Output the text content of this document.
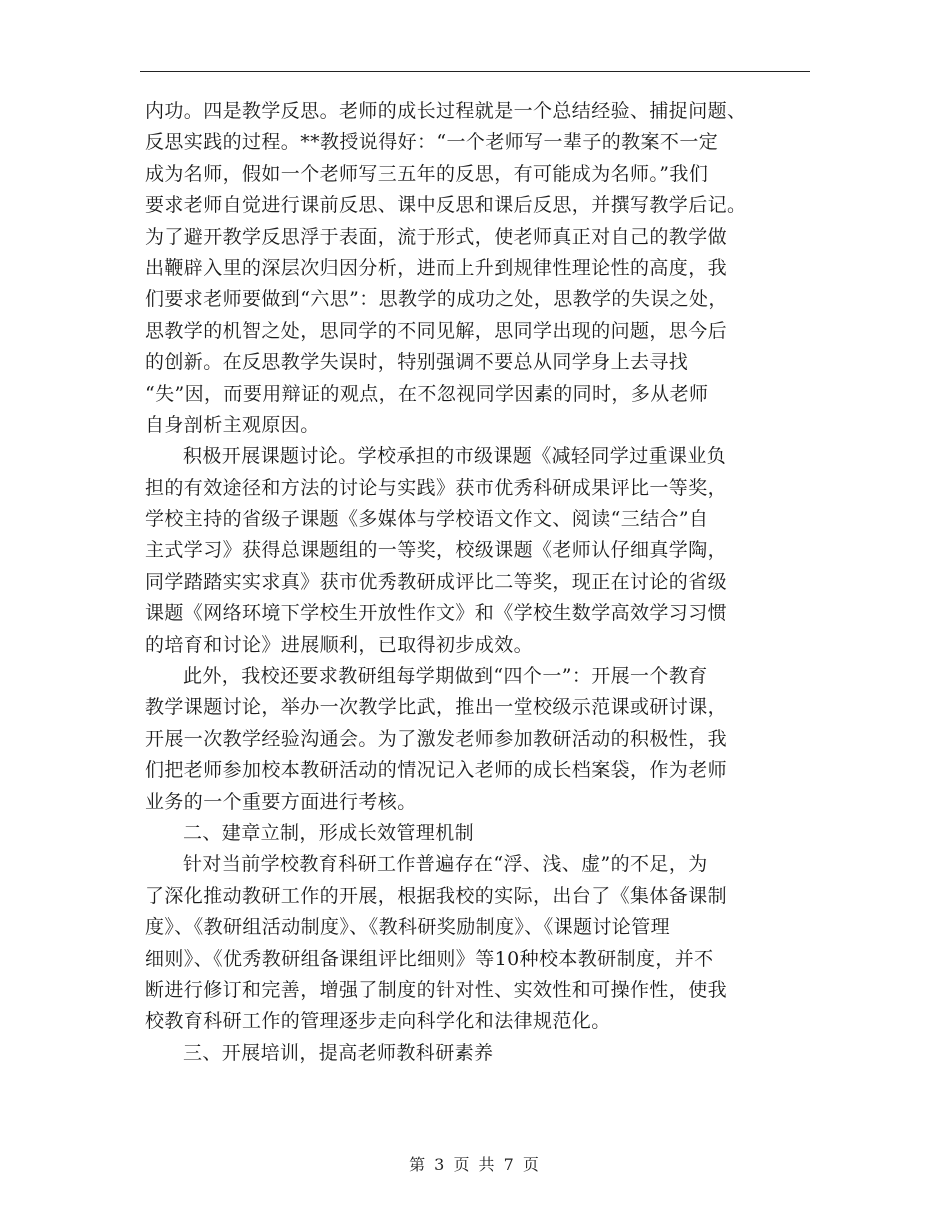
内功。四是教学反思。老师的成长过程就是一个总结经验、捕捉问题、
反思实践的过程。**教授说得好：“一个老师写一辈子的教案不一定
成为名师，假如一个老师写三五年的反思，有可能成为名师。”我们
要求老师自觉进行课前反思、课中反思和课后反思，并撰写教学后记。
为了避开教学反思浮于表面，流于形式，使老师真正对自己的教学做
出鞭辟入里的深层次归因分析，进而上升到规律性理论性的高度，我
们要求老师要做到“六思”：思教学的成功之处，思教学的失误之处，
思教学的机智之处，思同学的不同见解，思同学出现的问题，思今后
的创新。在反思教学失误时，特别强调不要总从同学身上去寻找
“失”因，而要用辩证的观点，在不忽视同学因素的同时，多从老师
自身剖析主观原因。
积极开展课题讨论。学校承担的市级课题《减轻同学过重课业负
担的有效途径和方法的讨论与实践》获市优秀科研成果评比一等奖，
学校主持的省级子课题《多媒体与学校语文作文、阅读“三结合”自
主式学习》获得总课题组的一等奖，校级课题《老师认仔细真学陶，
同学踏踏实实求真》获市优秀教研成评比二等奖，现正在讨论的省级
课题《网络环境下学校生开放性作文》和《学校生数学高效学习习惯
的培育和讨论》进展顺利，已取得初步成效。
此外，我校还要求教研组每学期做到“四个一”：开展一个教育
教学课题讨论，举办一次教学比武，推出一堂校级示范课或研讨课，
开展一次教学经验沟通会。为了激发老师参加教研活动的积极性，我
们把老师参加校本教研活动的情况记入老师的成长档案袋，作为老师
业务的一个重要方面进行考核。
二、建章立制，形成长效管理机制
针对当前学校教育科研工作普遍存在“浮、浅、虚”的不足，为
了深化推动教研工作的开展，根据我校的实际，出台了《集体备课制
度》、《教研组活动制度》、《教科研奖励制度》、《课题讨论管理
细则》、《优秀教研组备课组评比细则》等10种校本教研制度，并不
断进行修订和完善，增强了制度的针对性、实效性和可操作性，使我
校教育科研工作的管理逐步走向科学化和法律规范化。
三、开展培训，提高老师教科研素养
第 3 页 共 7 页
